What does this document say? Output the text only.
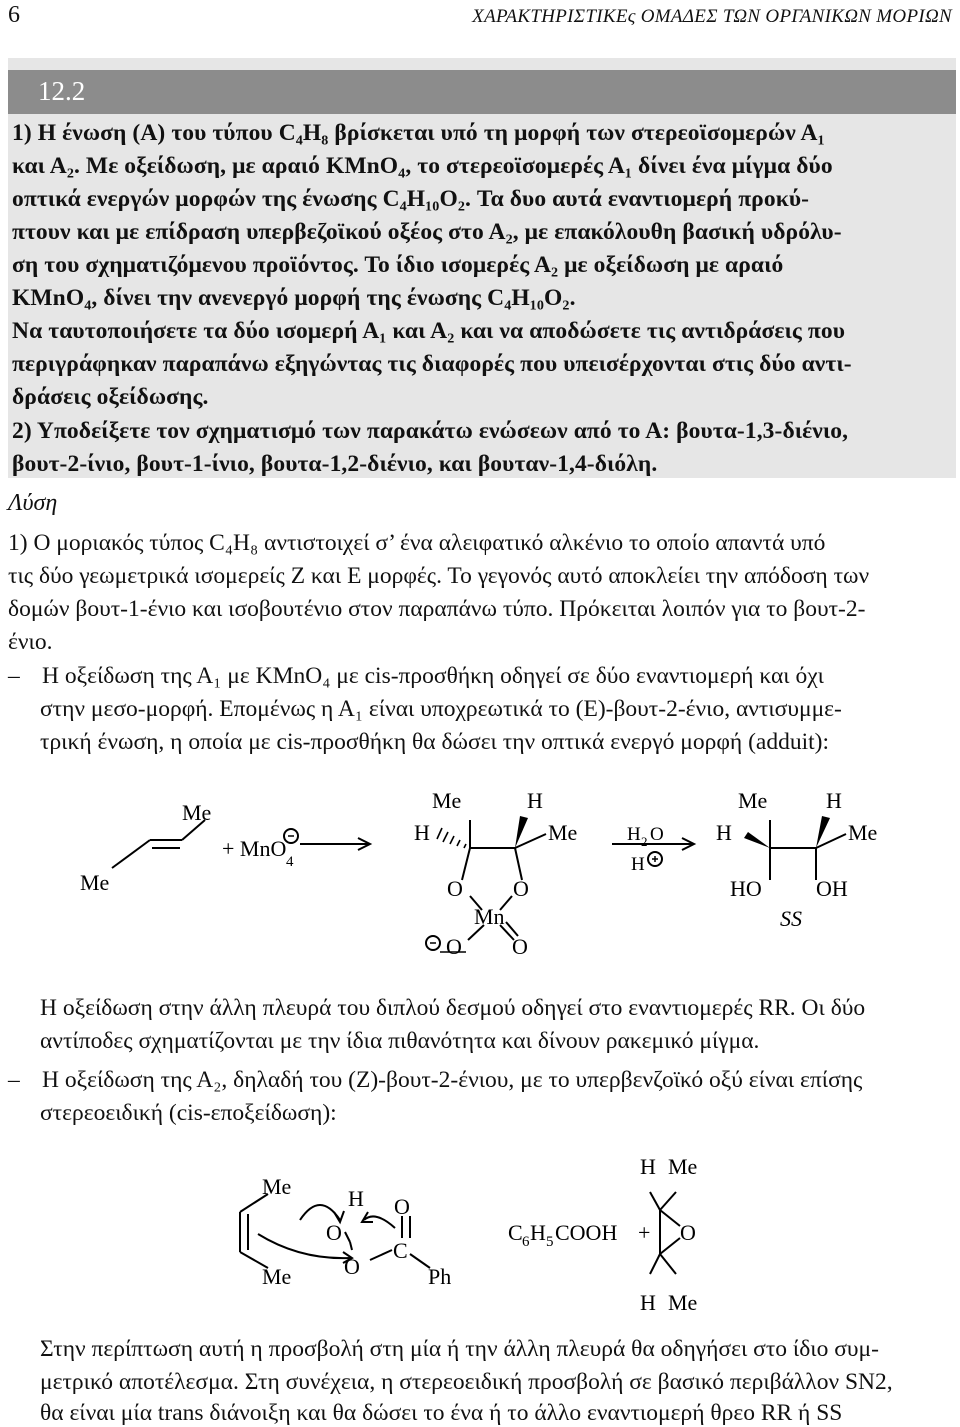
6	ΧΑΡΑΚΤΗΡΙΣΤΙΚΕς ΟΜΑΔΕΣ ΤΩΝ ΟΡΓΑΝΙΚΩΝ ΜΟΡΙΩΝ
12.2
1) Η ένωση (Α) του τύπου C₄H₈ βρίσκεται υπό τη μορφή των στερεοϊσομερών Α₁
και Α₂. Με οξείδωση, με αραιό KMnO₄, το στερεοϊσομερές Α₁ δίνει ένα μίγμα δύο
οπτικά ενεργών μορφών της ένωσης C₄H₁₀O₂. Τα δυο αυτά εναντιομερή προκύ-
πτουν και με επίδραση υπερβεζοϊκού οξέος στο Α₂, με επακόλουθη βασική υδρόλυ-
ση του σχηματιζόμενου προϊόντος. Το ίδιο ισομερές Α₂ με οξείδωση με αραιό
KMnO₄, δίνει την ανενεργό μορφή της ένωσης C₄H₁₀O₂.
Να ταυτοποιήσετε τα δύο ισομερή Α₁ και Α₂ και να αποδώσετε τις αντιδράσεις που
περιγράφηκαν παραπάνω εξηγώντας τις διαφορές που υπεισέρχονται στις δύο αντι-
δράσεις οξείδωσης.
2) Υποδείξετε τον σχηματισμό των παρακάτω ενώσεων από το Α: βουτα-1,3-διένιο,
βουτ-2-ίνιο, βουτ-1-ίνιο, βουτα-1,2-διένιο, και βουταν-1,4-διόλη.
Λύση
1) Ο μοριακός τύπος C₄H₈ αντιστοιχεί σ’ ένα αλειφατικό αλκένιο το οποίο απαντά υπό
τις δύο γεωμετρικά ισομερείς Ζ και Ε μορφές. Το γεγονός αυτό αποκλείει την απόδοση των
δομών βουτ-1-ένιο και ισοβουτένιο στον παραπάνω τύπο. Πρόκειται λοιπόν για το βουτ-2-
ένιο.
– Η οξείδωση της Α₁ με KMnO₄ με cis-προσθήκη οδηγεί σε δύο εναντιομερή και όχι
στην μεσο-μορφή. Επομένως η Α₁ είναι υποχρεωτικά το (Ε)-βουτ-2-ένιο, αντισυμμε-
τρική ένωση, η οποία με cis-προσθήκη θα δώσει την οπτικά ενεργό μορφή (adduit):
Me
Me
+ MnO
4
Me	H
H	Me
O O
Mn
O O
H 2 O
H
Me	H
H	Me
HO OH
SS
Η οξείδωση στην άλλη πλευρά του διπλού δεσμού οδηγεί στο εναντιομερές RR. Οι δύο
αντίποδες σχηματίζονται με την ίδια πιθανότητα και δίνουν ρακεμικό μίγμα.
– Η οξείδωση της Α₂, δηλαδή του (Ζ)-βουτ-2-ένιου, με το υπερβενζοϊκό οξύ είναι επίσης
στερεοειδική (cis-εποξείδωση):
Me
Me
H O
O
C
O	Ph
C 6 H 5 COOH + O
H Me
H Me
Στην περίπτωση αυτή η προσβολή στη μία ή την άλλη πλευρά θα οδηγήσει στο ίδιο συμ-
μετρικό αποτέλεσμα. Στη συνέχεια, η στερεοειδική προσβολή σε βασικό περιβάλλον SN2,
θα είναι μία trans διάνοιξη και θα δώσει το ένα ή το άλλο εναντιομερή θρεο RR ή SS
